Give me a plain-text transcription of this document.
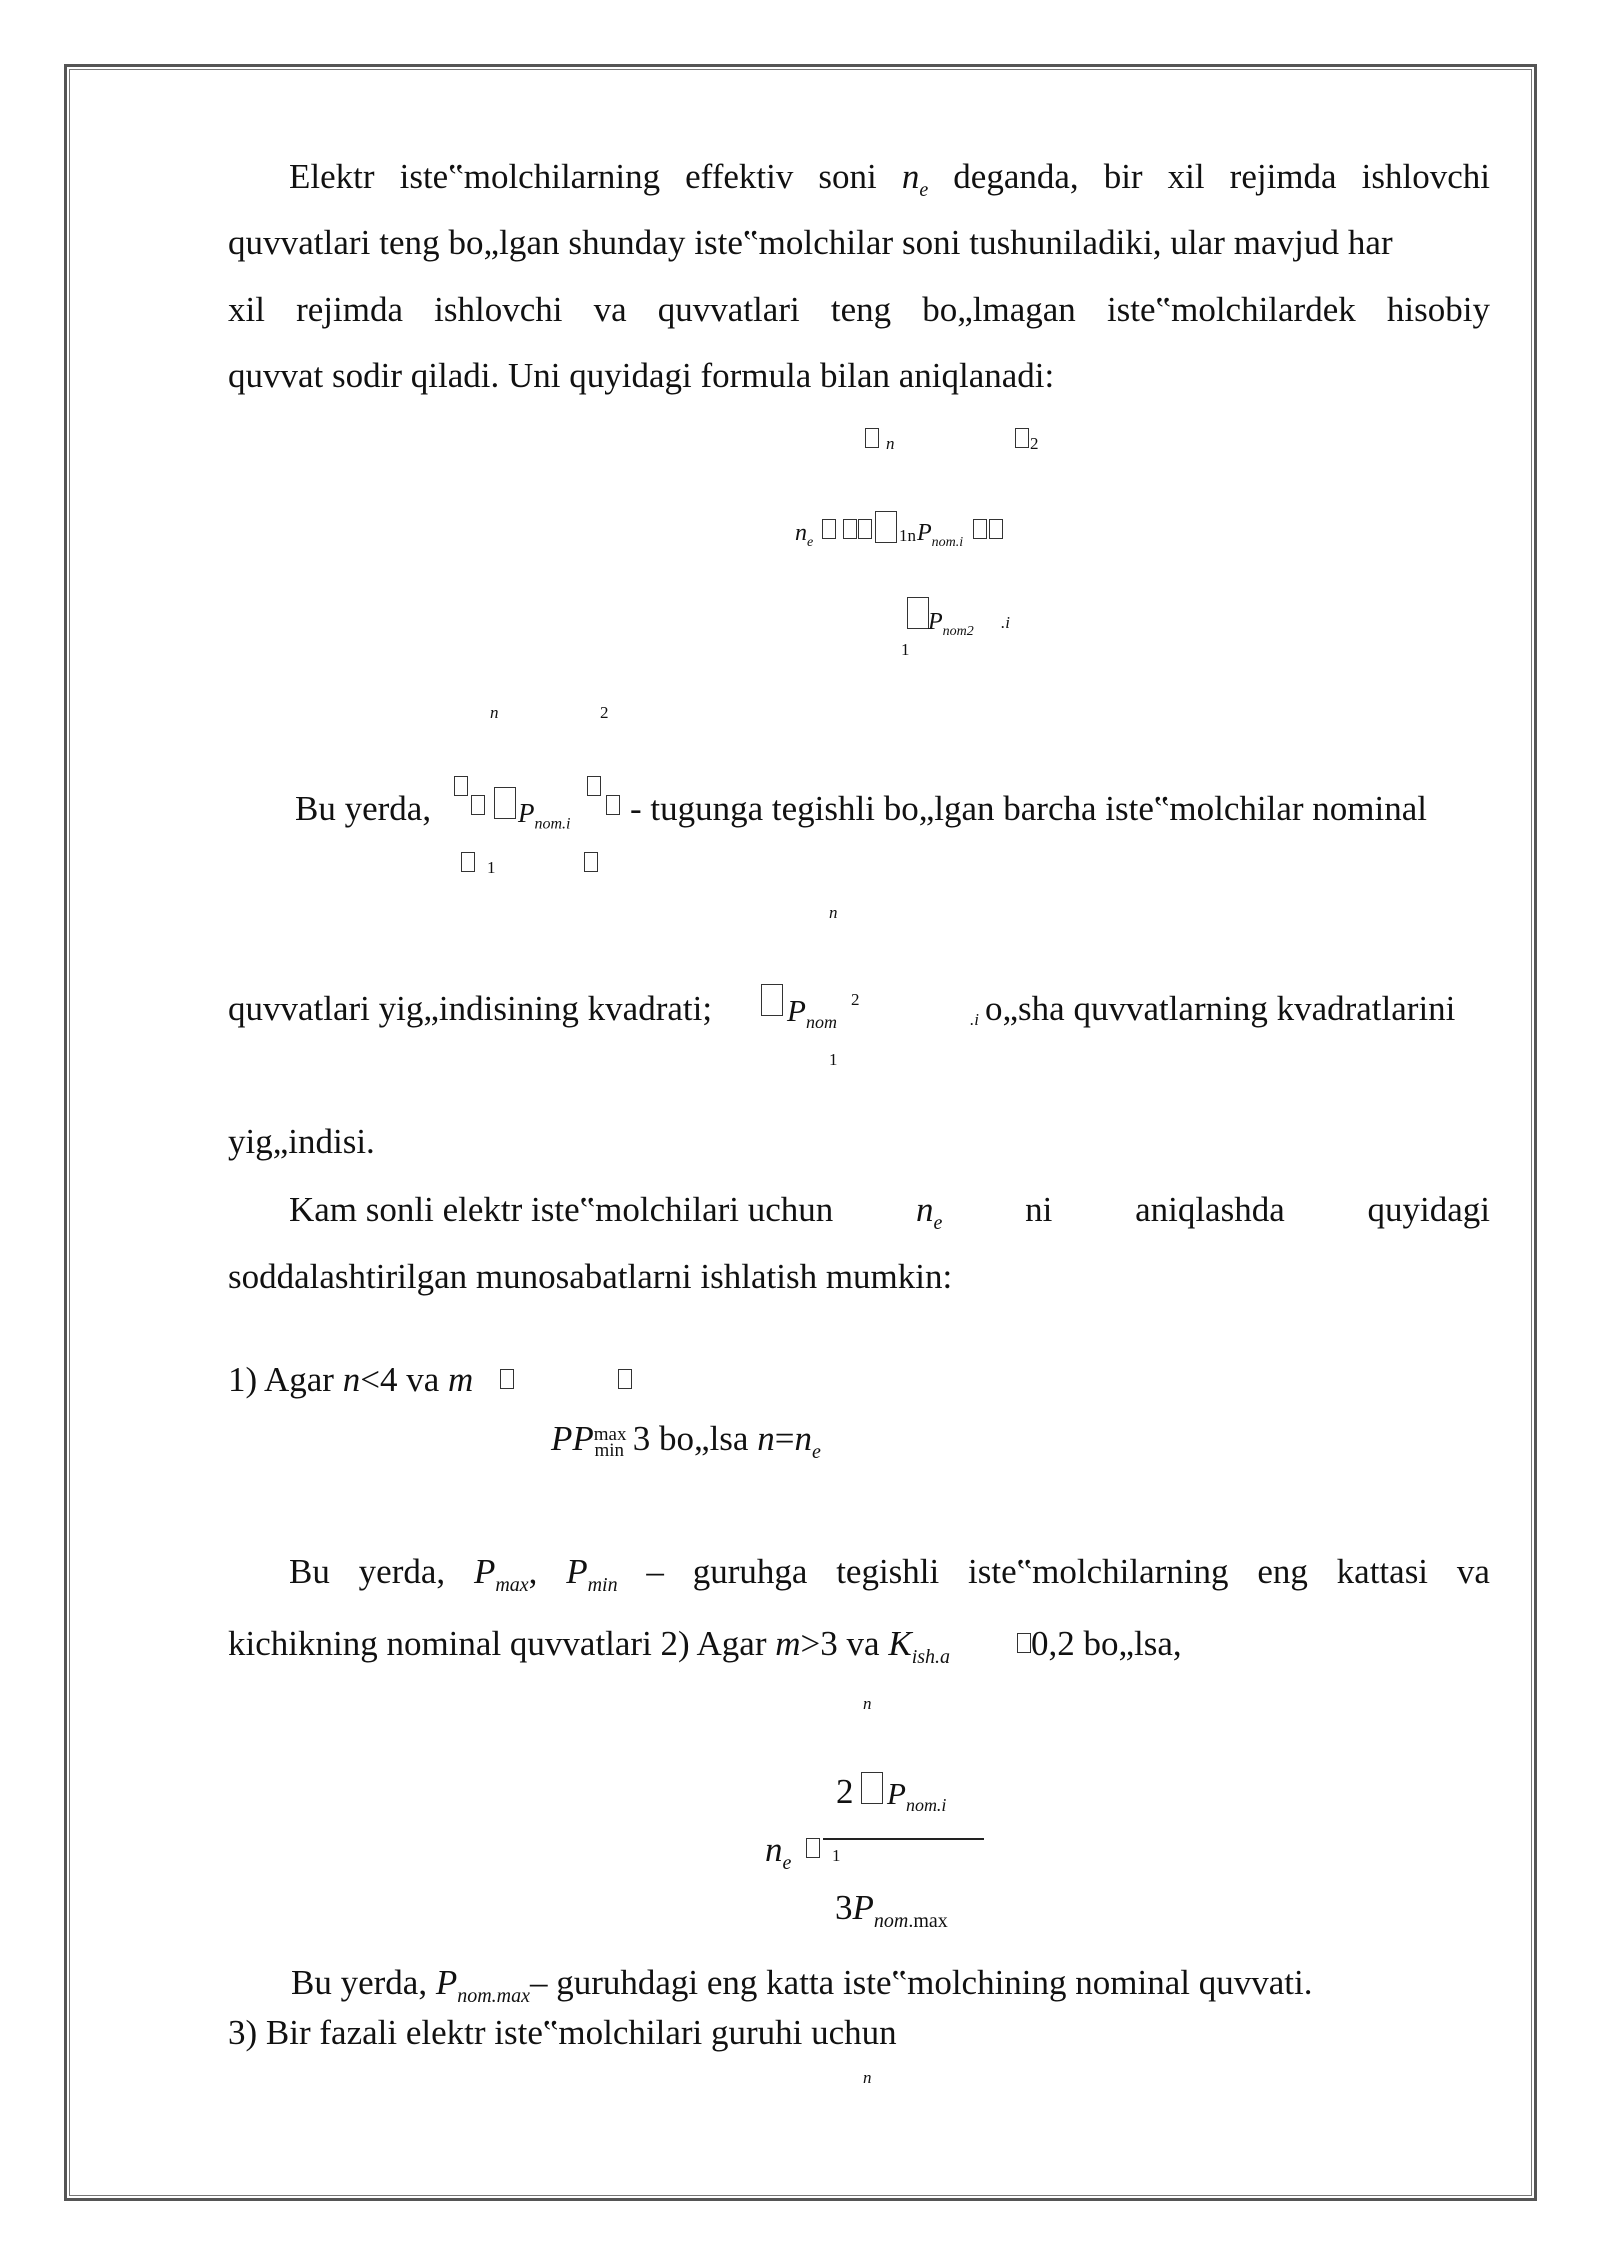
Elektr iste‟molchilarning effektiv soni $n_e$ deganda, bir xil rejimda ishlovchi
quvvatlari teng bo„lgan shunday iste‟molchilar soni tushuniladiki, ular mavjud har
xil rejimda ishlovchi va quvvatlari teng bo„lmagan iste‟molchilardek hisobiy
quvvat sodir qiladi. Uni quyidagi formula bilan aniqlanadi:
n	2
$n_e$	1n $P_{nom.i}$
$P_{nom2}$ .i
1
n	2
Bu yerda,	$P_{nom.i}$
1
- tugunga tegishli bo„lgan barcha iste‟molchilar nominal
n
quvvatlari yig„indisining kvadrati; $P_{nom}$
2
.i o„sha quvvatlarning kvadratlarini
1
yig„indisi.
Kam sonli elektr iste‟molchilari uchun $n_e$ ni aniqlashda quyidagi
soddalashtirilgan munosabatlarni ishlatish mumkin:
1) Agar n<4 va m
$PP^{max}\min$ 3 bo„lsa $n=n_e$
Bu yerda, $P_{max}$, $P_{min}$ – guruhga tegishli iste‟molchilarning eng kattasi va
kichikning nominal quvvatlari 2) Agar m>3 va $K_{ish.a}$ 0,2 bo„lsa,
n
2 $P_{nom.i}$
$n_e$ 1
$3P_{nom.max}$
Bu yerda, $P_{nom.max}-$ guruhdagi eng katta iste‟molchining nominal quvvati.
3) Bir fazali elektr iste‟molchilari guruhi uchun
n
